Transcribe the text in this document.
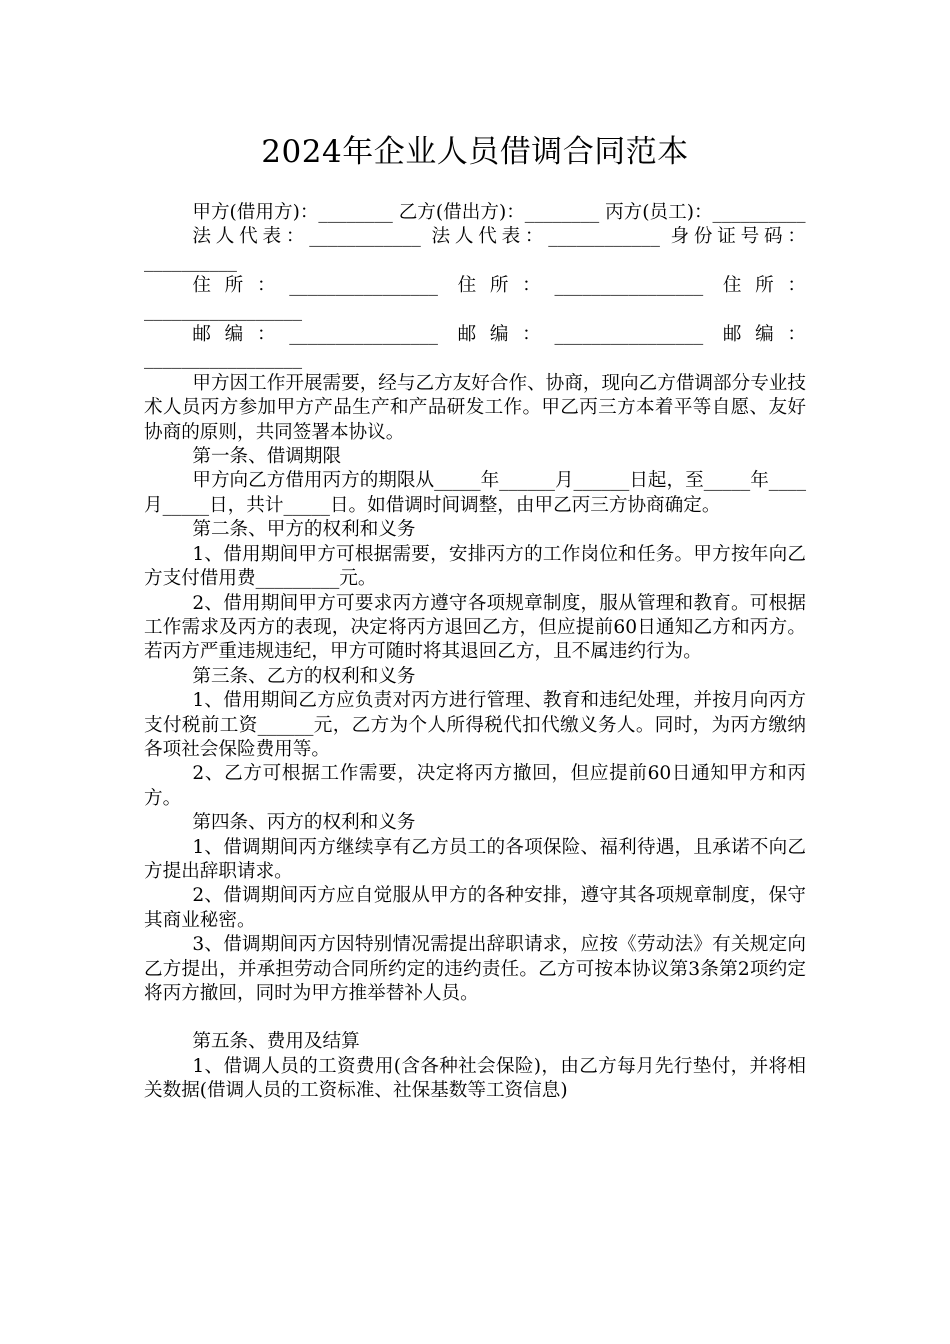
2024年企业人员借调合同范本

甲方(借用方)：________ 乙方(借出方)：________ 丙方(员工)：__________

法人代表：____________ 法人代表：____________ 身份证号码：__________

住所：________________ 住所：________________ 住所：_________________

邮编：________________ 邮编：________________ 邮编：_________________

甲方因工作开展需要，经与乙方友好合作、协商，现向乙方借调部分专业技术人员丙方参加甲方产品生产和产品研发工作。甲乙丙三方本着平等自愿、友好协商的原则，共同签署本协议。

第一条、借调期限

甲方向乙方借用丙方的期限从_____年______月______日起，至_____年____月_____日，共计_____日。如借调时间调整，由甲乙丙三方协商确定。

第二条、甲方的权利和义务

1、借用期间甲方可根据需要，安排丙方的工作岗位和任务。甲方按年向乙方支付借用费_________元。

2、借用期间甲方可要求丙方遵守各项规章制度，服从管理和教育。可根据工作需求及丙方的表现，决定将丙方退回乙方，但应提前60日通知乙方和丙方。若丙方严重违规违纪，甲方可随时将其退回乙方，且不属违约行为。

第三条、乙方的权利和义务

1、借用期间乙方应负责对丙方进行管理、教育和违纪处理，并按月向丙方支付税前工资______元，乙方为个人所得税代扣代缴义务人。同时，为丙方缴纳各项社会保险费用等。

2、乙方可根据工作需要，决定将丙方撤回，但应提前60日通知甲方和丙方。

第四条、丙方的权利和义务

1、借调期间丙方继续享有乙方员工的各项保险、福利待遇，且承诺不向乙方提出辞职请求。

2、借调期间丙方应自觉服从甲方的各种安排，遵守其各项规章制度，保守其商业秘密。

3、借调期间丙方因特别情况需提出辞职请求，应按《劳动法》有关规定向乙方提出，并承担劳动合同所约定的违约责任。乙方可按本协议第3条第2项约定将丙方撤回，同时为甲方推举替补人员。

第五条、费用及结算

1、借调人员的工资费用(含各种社会保险)，由乙方每月先行垫付，并将相关数据(借调人员的工资标准、社保基数等工资信息)
